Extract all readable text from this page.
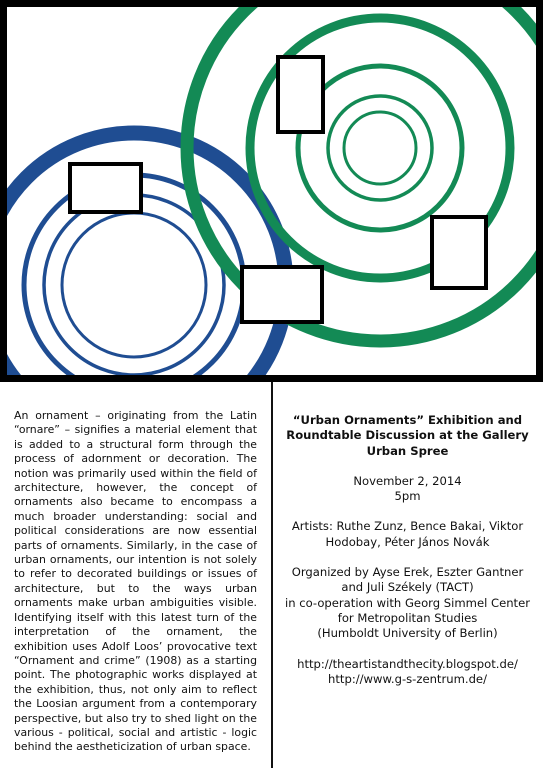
An ornament – originating from the Latin “ornare” – signifies a material element that is added to a structural form through the process of adornment or decoration. The notion was primarily used within the field of architecture, however, the concept of ornaments also became to encompass a much broader understanding: social and political considerations are now essential parts of ornaments. Similarly, in the case of urban ornaments, our intention is not solely to refer to decorated buildings or issues of architecture, but to the ways urban ornaments make urban ambiguities visible. Identifying itself with this latest turn of the interpretation of the ornament, the exhibition uses Adolf Loos’ provocative text “Ornament and crime” (1908) as a starting point. The photographic works displayed at the exhibition, thus, not only aim to reflect the Loosian argument from a contemporary perspective, but also try to shed light on the various - political, social and artistic - logic behind the aestheticization of urban space.
“Urban Ornaments” Exhibition and
Roundtable Discussion at the Gallery
Urban Spree
November 2, 2014
5pm
Artists: Ruthe Zunz, Bence Bakai, Viktor
Hodobay, Péter János Novák
Organized by Ayse Erek, Eszter Gantner
and Juli Székely (TACT)
in co-operation with Georg Simmel Center
for Metropolitan Studies
(Humboldt University of Berlin)
http://theartistandthecity.blogspot.de/
http://www.g-s-zentrum.de/
